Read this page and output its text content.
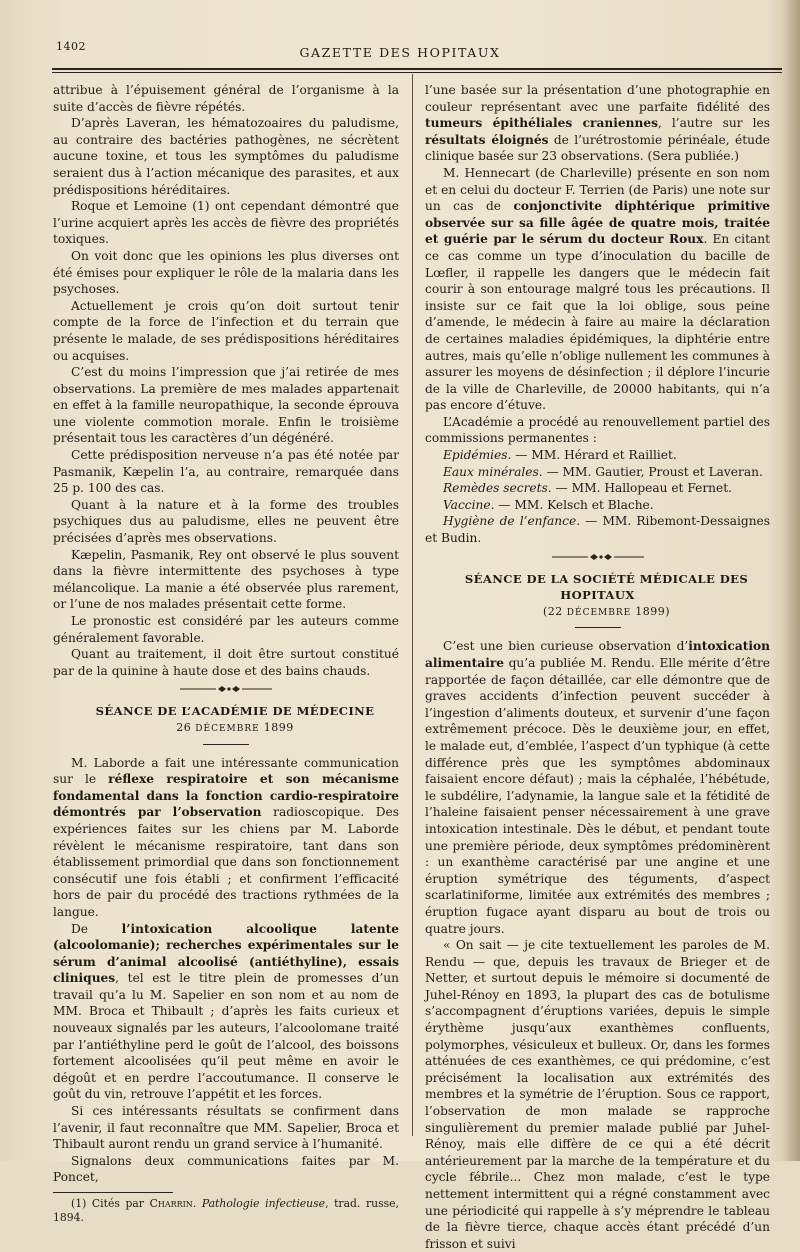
1402	GAZETTE DES HOPITAUX

attribue à l’épuisement général de l’organisme à la suite d’accès de fièvre répétés.

D’après Laveran, les hématozoaires du paludisme, au contraire des bactéries pathogènes, ne sécrètent aucune toxine, et tous les symptômes du paludisme seraient dus à l’action mécanique des parasites, et aux prédispositions héréditaires.

Roque et Lemoine (1) ont cependant démontré que l’urine acquiert après les accès de fièvre des propriétés toxiques.

On voit donc que les opinions les plus diverses ont été émises pour expliquer le rôle de la malaria dans les psychoses.

Actuellement je crois qu’on doit surtout tenir compte de la force de l’infection et du terrain que présente le malade, de ses prédispositions héréditaires ou acquises.

C’est du moins l’impression que j’ai retirée de mes observations. La première de mes malades appartenait en effet à la famille neuropathique, la seconde éprouva une violente commotion morale. Enfin le troisième présentait tous les caractères d’un dégénéré.

Cette prédisposition nerveuse n’a pas été notée par Pasmanik, Kæpelin l’a, au contraire, remarquée dans 25 p. 100 des cas.

Quant à la nature et à la forme des troubles psychiques dus au paludisme, elles ne peuvent être précisées d’après mes observations.

Kæpelin, Pasmanik, Rey ont observé le plus souvent dans la fièvre intermittente des psychoses à type mélancolique. La manie a été observée plus rarement, or l’une de nos malades présentait cette forme.

Le pronostic est considéré par les auteurs comme généralement favorable.

Quant au traitement, il doit être surtout constitué par de la quinine à haute dose et des bains chauds.

SÉANCE DE L’ACADÉMIE DE MÉDECINE

26 DÉCEMBRE 1899

M. Laborde a fait une intéressante communication sur le réflexe respiratoire et son mécanisme fondamental dans la fonction cardio-respiratoire démontrés par l’observation radioscopique. Des expériences faites sur les chiens par M. Laborde révèlent le mécanisme respiratoire, tant dans son établissement primordial que dans son fonctionnement consécutif une fois établi ; et confirment l’efficacité hors de pair du procédé des tractions rythmées de la langue.

De l’intoxication alcoolique latente (alcoolomanie); recherches expérimentales sur le sérum d’animal alcoolisé (antiéthyline), essais cliniques, tel est le titre plein de promesses d’un travail qu’a lu M. Sapelier en son nom et au nom de MM. Broca et Thibault ; d’après les faits curieux et nouveaux signalés par les auteurs, l’alcoolomane traité par l’antiéthyline perd le goût de l’alcool, des boissons fortement alcoolisées qu’il peut même en avoir le dégoût et en perdre l’accoutumance. Il conserve le goût du vin, retrouve l’appétit et les forces.

Si ces intéressants résultats se confirment dans l’avenir, il faut reconnaître que MM. Sapelier, Broca et Thibault auront rendu un grand service à l’humanité.

Signalons deux communications faites par M. Poncet,

(1) Cités par Charrin. Pathologie infectieuse, trad. russe, 1894.

l’une basée sur la présentation d’une photographie en couleur représentant avec une parfaite fidélité des tumeurs épithéliales craniennes, l’autre sur les résultats éloignés de l’urétrostomie périnéale, étude clinique basée sur 23 observations. (Sera publiée.)

M. Hennecart (de Charleville) présente en son nom et en celui du docteur F. Terrien (de Paris) une note sur un cas de conjonctivite diphtérique primitive observée sur sa fille âgée de quatre mois, traitée et guérie par le sérum du docteur Roux. En citant ce cas comme un type d’inoculation du bacille de Lœfler, il rappelle les dangers que le médecin fait courir à son entourage malgré tous les précautions. Il insiste sur ce fait que la loi oblige, sous peine d’amende, le médecin à faire au maire la déclaration de certaines maladies épidémiques, la diphtérie entre autres, mais qu’elle n’oblige nullement les communes à assurer les moyens de désinfection ; il déplore l’incurie de la ville de Charleville, de 20000 habitants, qui n’a pas encore d’étuve.

L’Académie a procédé au renouvellement partiel des commissions permanentes :

Epidémies. — MM. Hérard et Railliet.

Eaux minérales. — MM. Gautier, Proust et Laveran.

Remèdes secrets. — MM. Hallopeau et Fernet.

Vaccine. — MM. Kelsch et Blache.

Hygiène de l’enfance. — MM. Ribemont-Dessaignes et Budin.

SÉANCE DE LA SOCIÉTÉ MÉDICALE DES HOPITAUX

(22 DÉCEMBRE 1899)

C’est une bien curieuse observation d’intoxication alimentaire qu’a publiée M. Rendu. Elle mérite d’être rapportée de façon détaillée, car elle démontre que de graves accidents d’infection peuvent succéder à l’ingestion d’aliments douteux, et survenir d’une façon extrêmement précoce. Dès le deuxième jour, en effet, le malade eut, d’emblée, l’aspect d’un typhique (à cette différence près que les symptômes abdominaux faisaient encore défaut) ; mais la céphalée, l’hébétude, le subdélire, l’adynamie, la langue sale et la fétidité de l’haleine faisaient penser nécessairement à une grave intoxication intestinale. Dès le début, et pendant toute une première période, deux symptômes prédominèrent : un exanthème caractérisé par une angine et une éruption symétrique des téguments, d’aspect scarlatiniforme, limitée aux extrémités des membres ; éruption fugace ayant disparu au bout de trois ou quatre jours.

« On sait — je cite textuellement les paroles de M. Rendu — que, depuis les travaux de Brieger et de Netter, et surtout depuis le mémoire si documenté de Juhel-Rénoy en 1893, la plupart des cas de botulisme s’accompagnent d’éruptions variées, depuis le simple érythème jusqu’aux exanthèmes confluents, polymorphes, vésiculeux et bulleux. Or, dans les formes atténuées de ces exanthèmes, ce qui prédomine, c’est précisément la localisation aux extrémités des membres et la symétrie de l’éruption. Sous ce rapport, l’observation de mon malade se rapproche singulièrement du premier malade publié par Juhel-Rénoy, mais elle diffère de ce qui a été décrit antérieurement par la marche de la température et du cycle fébrile... Chez mon malade, c’est le type nettement intermittent qui a régné constamment avec une périodicité qui rappelle à s’y méprendre le tableau de la fièvre tierce, chaque accès étant précédé d’un frisson et suivi
